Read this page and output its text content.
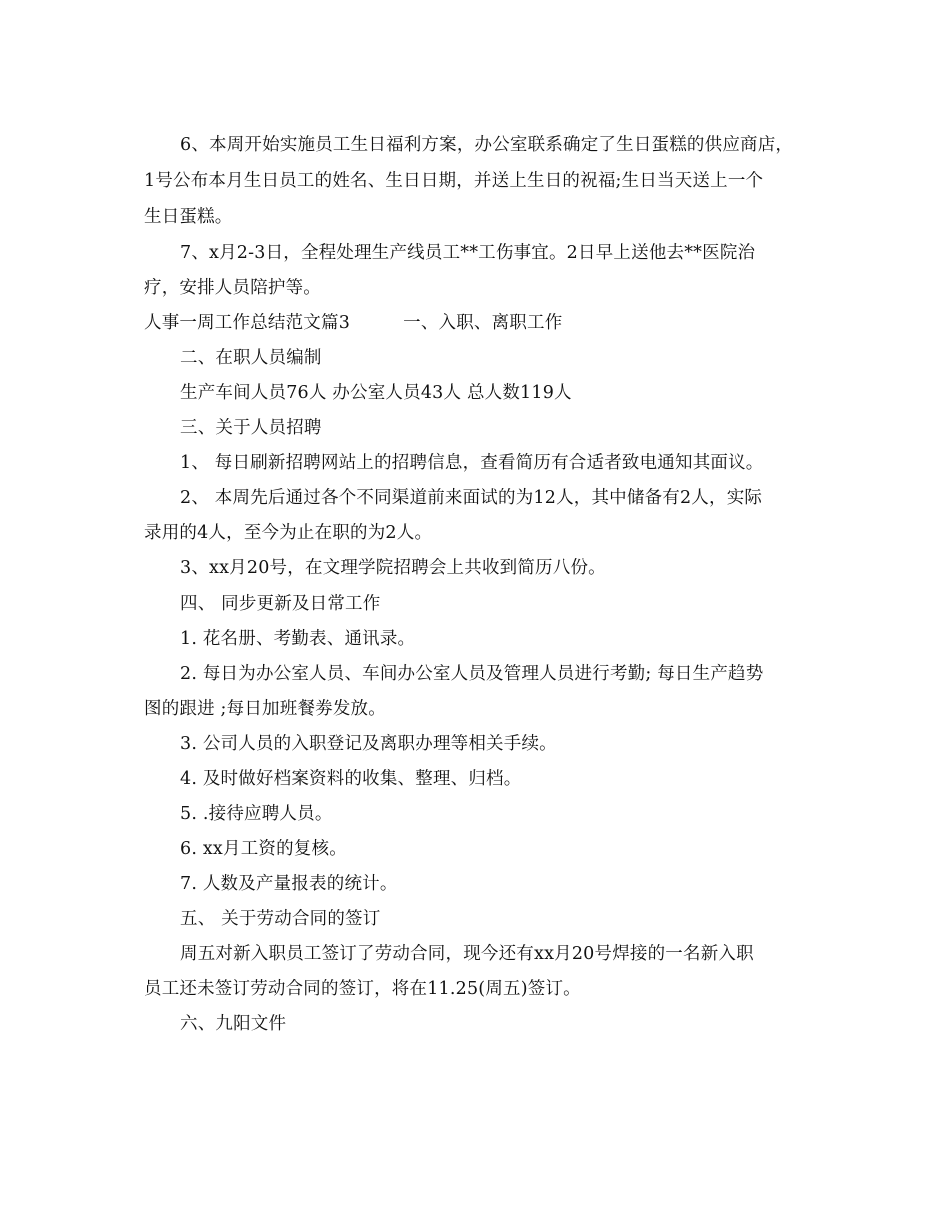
6、本周开始实施员工生日福利方案，办公室联系确定了生日蛋糕的供应商店，
1号公布本月生日员工的姓名、生日日期，并送上生日的祝福;生日当天送上一个
生日蛋糕。
7、x月2-3日，全程处理生产线员工**工伤事宜。2日早上送他去**医院治
疗，安排人员陪护等。
人事一周工作总结范文篇3　　　一、入职、离职工作
二、在职人员编制
生产车间人员76人 办公室人员43人 总人数119人
三、关于人员招聘
1、 每日刷新招聘网站上的招聘信息，查看简历有合适者致电通知其面议。
2、 本周先后通过各个不同渠道前来面试的为12人，其中储备有2人，实际
录用的4人，至今为止在职的为2人。
3、xx月20号，在文理学院招聘会上共收到简历八份。
四、 同步更新及日常工作
1. 花名册、考勤表、通讯录。
2. 每日为办公室人员、车间办公室人员及管理人员进行考勤; 每日生产趋势
图的跟进 ;每日加班餐劵发放。
3. 公司人员的入职登记及离职办理等相关手续。
4. 及时做好档案资料的收集、整理、归档。
5. .接待应聘人员。
6. xx月工资的复核。
7. 人数及产量报表的统计。
五、 关于劳动合同的签订
周五对新入职员工签订了劳动合同，现今还有xx月20号焊接的一名新入职
员工还未签订劳动合同的签订，将在11.25(周五)签订。
六、九阳文件
